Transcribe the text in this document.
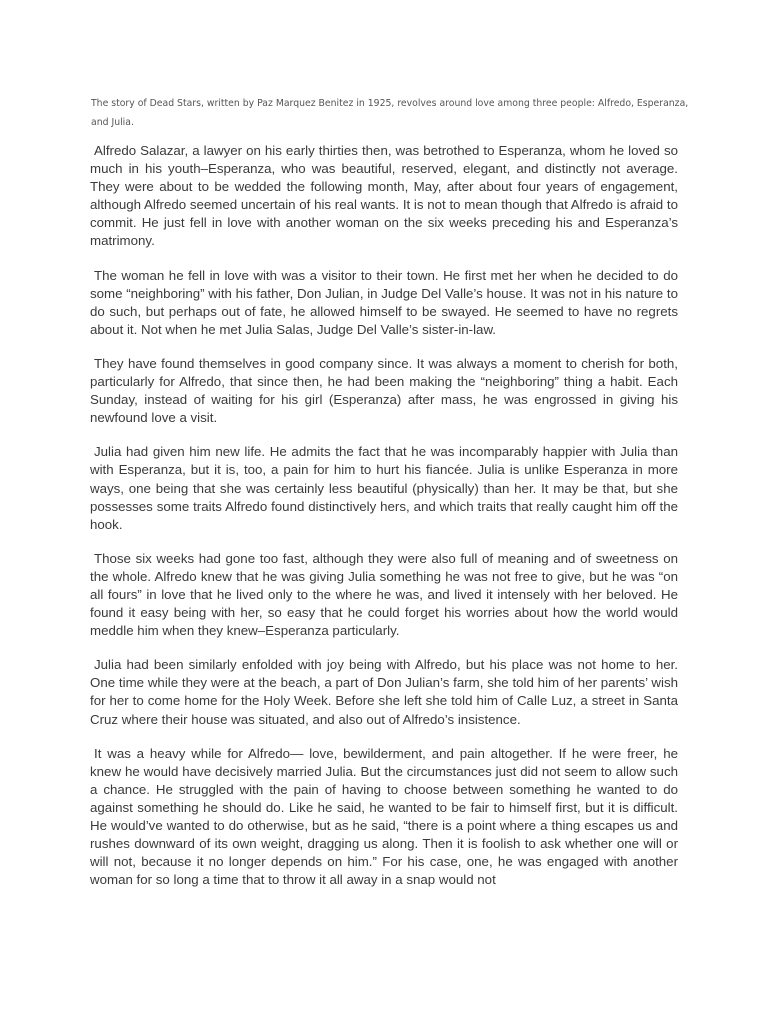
The story of Dead Stars, written by Paz Marquez Benitez in 1925, revolves around love among three people: Alfredo, Esperanza, and Julia.

Alfredo Salazar, a lawyer on his early thirties then, was betrothed to Esperanza, whom he loved so much in his youth–Esperanza, who was beautiful, reserved, elegant, and distinctly not average. They were about to be wedded the following month, May, after about four years of engagement, although Alfredo seemed uncertain of his real wants. It is not to mean though that Alfredo is afraid to commit. He just fell in love with another woman on the six weeks preceding his and Esperanza’s matrimony.

The woman he fell in love with was a visitor to their town. He first met her when he decided to do some “neighboring” with his father, Don Julian, in Judge Del Valle’s house. It was not in his nature to do such, but perhaps out of fate, he allowed himself to be swayed. He seemed to have no regrets about it. Not when he met Julia Salas, Judge Del Valle’s sister-in-law.

They have found themselves in good company since. It was always a moment to cherish for both, particularly for Alfredo, that since then, he had been making the “neighboring” thing a habit. Each Sunday, instead of waiting for his girl (Esperanza) after mass, he was engrossed in giving his newfound love a visit.

Julia had given him new life. He admits the fact that he was incomparably happier with Julia than with Esperanza, but it is, too, a pain for him to hurt his fiancée. Julia is unlike Esperanza in more ways, one being that she was certainly less beautiful (physically) than her. It may be that, but she possesses some traits Alfredo found distinctively hers, and which traits that really caught him off the hook.

Those six weeks had gone too fast, although they were also full of meaning and of sweetness on the whole. Alfredo knew that he was giving Julia something he was not free to give, but he was “on all fours” in love that he lived only to the where he was, and lived it intensely with her beloved. He found it easy being with her, so easy that he could forget his worries about how the world would meddle him when they knew–Esperanza particularly.

Julia had been similarly enfolded with joy being with Alfredo, but his place was not home to her. One time while they were at the beach, a part of Don Julian’s farm, she told him of her parents’ wish for her to come home for the Holy Week. Before she left she told him of Calle Luz, a street in Santa Cruz where their house was situated, and also out of Alfredo’s insistence.

It was a heavy while for Alfredo— love, bewilderment, and pain altogether. If he were freer, he knew he would have decisively married Julia. But the circumstances just did not seem to allow such a chance. He struggled with the pain of having to choose between something he wanted to do against something he should do. Like he said, he wanted to be fair to himself first, but it is difficult. He would’ve wanted to do otherwise, but as he said, “there is a point where a thing escapes us and rushes downward of its own weight, dragging us along. Then it is foolish to ask whether one will or will not, because it no longer depends on him.” For his case, one, he was engaged with another woman for so long a time that to throw it all away in a snap would not
